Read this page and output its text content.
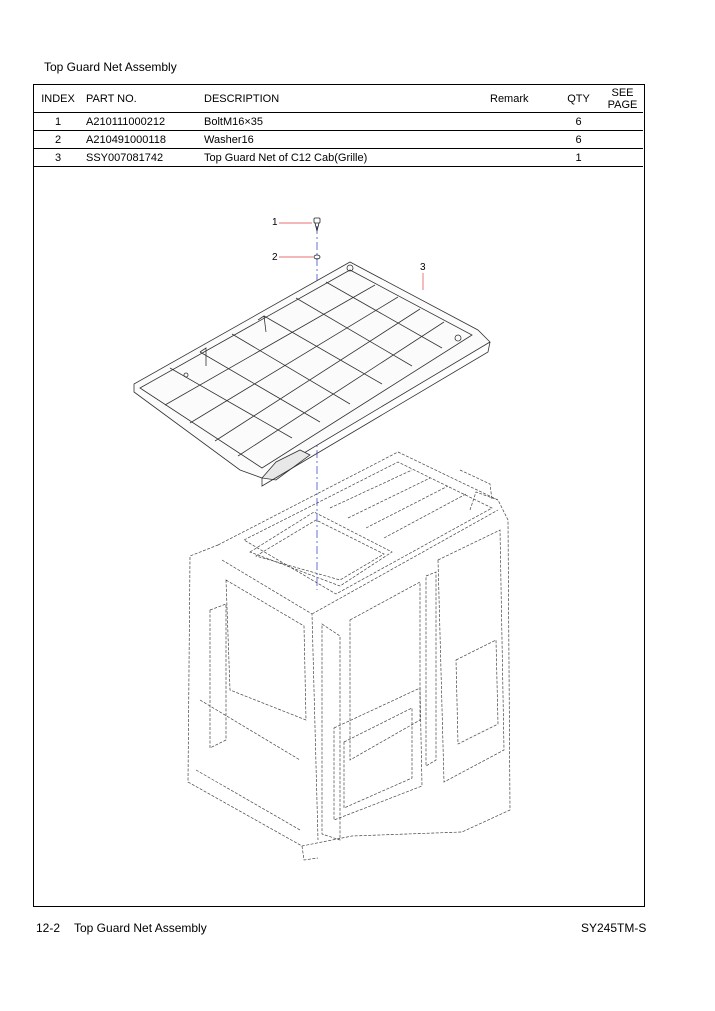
Top Guard Net Assembly
INDEX	PART NO.	DESCRIPTION	Remark	QTY	SEE
PAGE
1	A210111000212	BoltM16×35		6	
2	A210491000118	Washer16		6	
3	SSY007081742	Top Guard Net of C12 Cab(Grille)		1	
1
2
3
12-2 Top Guard Net Assembly	SY245TM-S
